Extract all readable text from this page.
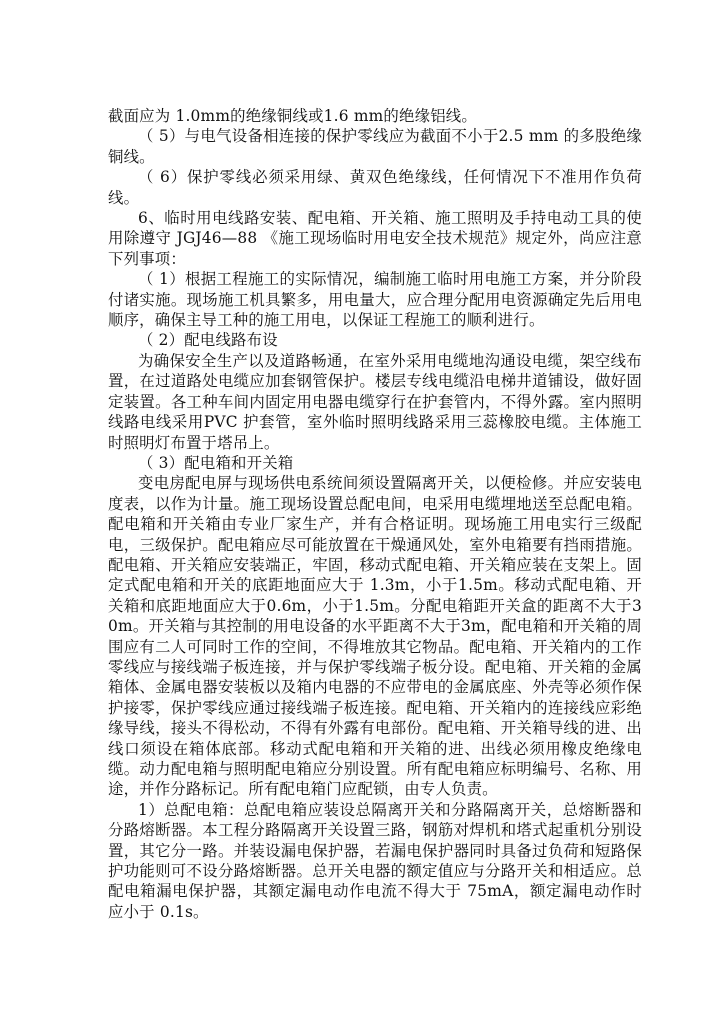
截面应为 1.0mm的绝缘铜线或1.6 mm的绝缘铝线。

（ 5）与电气设备相连接的保护零线应为截面不小于2.5 mm 的多股绝缘铜线。

（ 6）保护零线必须采用绿、黄双色绝缘线，任何情况下不准用作负荷线。

6、临时用电线路安装、配电箱、开关箱、施工照明及手持电动工具的使用除遵守 JGJ46—88 《施工现场临时用电安全技术规范》规定外，尚应注意下列事项：

（ 1）根据工程施工的实际情况，编制施工临时用电施工方案，并分阶段付诸实施。现场施工机具繁多，用电量大，应合理分配用电资源确定先后用电顺序，确保主导工种的施工用电，以保证工程施工的顺利进行。

（ 2）配电线路布设

为确保安全生产以及道路畅通，在室外采用电缆地沟通设电缆，架空线布置，在过道路处电缆应加套钢管保护。楼层专线电缆沿电梯井道铺设，做好固定装置。各工种车间内固定用电器电缆穿行在护套管内，不得外露。室内照明线路电线采用PVC 护套管，室外临时照明线路采用三蕊橡胶电缆。主体施工时照明灯布置于塔吊上。

（ 3）配电箱和开关箱

变电房配电屏与现场供电系统间须设置隔离开关，以便检修。并应安装电度表，以作为计量。施工现场设置总配电间，电采用电缆埋地送至总配电箱。配电箱和开关箱由专业厂家生产，并有合格证明。现场施工用电实行三级配电，三级保护。配电箱应尽可能放置在干燥通风处，室外电箱要有挡雨措施。配电箱、开关箱应安装端正，牢固，移动式配电箱、开关箱应装在支架上。固定式配电箱和开关的底距地面应大于 1.3m，小于1.5m。移动式配电箱、开关箱和底距地面应大于0.6m，小于1.5m。分配电箱距开关盒的距离不大于30m。开关箱与其控制的用电设备的水平距离不大于3m，配电箱和开关箱的周围应有二人可同时工作的空间，不得堆放其它物品。配电箱、开关箱内的工作零线应与接线端子板连接，并与保护零线端子板分设。配电箱、开关箱的金属箱体、金属电器安装板以及箱内电器的不应带电的金属底座、外壳等必须作保护接零，保护零线应通过接线端子板连接。配电箱、开关箱内的连接线应彩绝缘导线，接头不得松动，不得有外露有电部份。配电箱、开关箱导线的进、出线口须设在箱体底部。移动式配电箱和开关箱的进、出线必须用橡皮绝缘电缆。动力配电箱与照明配电箱应分别设置。所有配电箱应标明编号、名称、用途，并作分路标记。所有配电箱门应配锁，由专人负责。

1）总配电箱：总配电箱应装设总隔离开关和分路隔离开关，总熔断器和分路熔断器。本工程分路隔离开关设置三路，钢筋对焊机和塔式起重机分别设置，其它分一路。并装设漏电保护器，若漏电保护器同时具备过负荷和短路保护功能则可不设分路熔断器。总开关电器的额定值应与分路开关和相适应。总配电箱漏电保护器，其额定漏电动作电流不得大于 75mA，额定漏电动作时应小于 0.1s。
